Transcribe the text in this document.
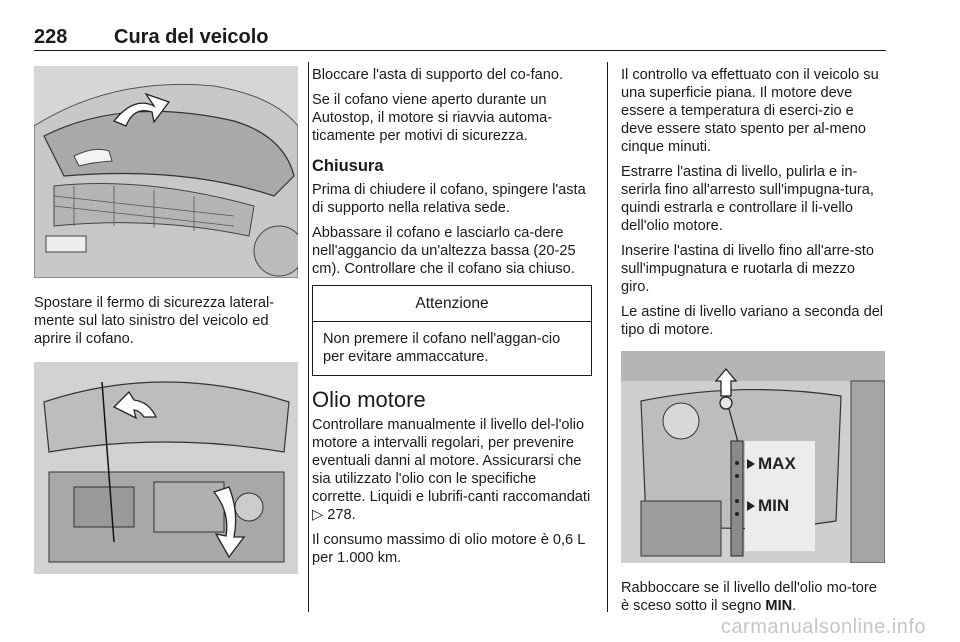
228 Cura del veicolo

Spostare il fermo di sicurezza lateral-mente sul lato sinistro del veicolo ed aprire il cofano.

Bloccare l'asta di supporto del co-fano.

Se il cofano viene aperto durante un Autostop, il motore si riavvia automa-ticamente per motivi di sicurezza.

Chiusura

Prima di chiudere il cofano, spingere l'asta di supporto nella relativa sede.

Abbassare il cofano e lasciarlo ca-dere nell'aggancio da un'altezza bassa (20-25 cm). Controllare che il cofano sia chiuso.

Attenzione
Non premere il cofano nell'aggan-cio per evitare ammaccature.
Olio motore

Controllare manualmente il livello del-l'olio motore a intervalli regolari, per prevenire eventuali danni al motore. Assicurarsi che sia utilizzato l'olio con le specifiche corrette. Liquidi e lubrifi-canti raccomandati ▷ 278.

Il consumo massimo di olio motore è 0,6 L per 1.000 km.

Il controllo va effettuato con il veicolo su una superficie piana. Il motore deve essere a temperatura di eserci-zio e deve essere stato spento per al-meno cinque minuti.

Estrarre l'astina di livello, pulirla e in-serirla fino all'arresto sull'impugna-tura, quindi estrarla e controllare il li-vello dell'olio motore.

Inserire l'astina di livello fino all'arre-sto sull'impugnatura e ruotarla di mezzo giro.

Le astine di livello variano a seconda del tipo di motore.

MAX
MIN

Rabboccare se il livello dell'olio mo-tore è sceso sotto il segno MIN.

carmanualsonline.info
